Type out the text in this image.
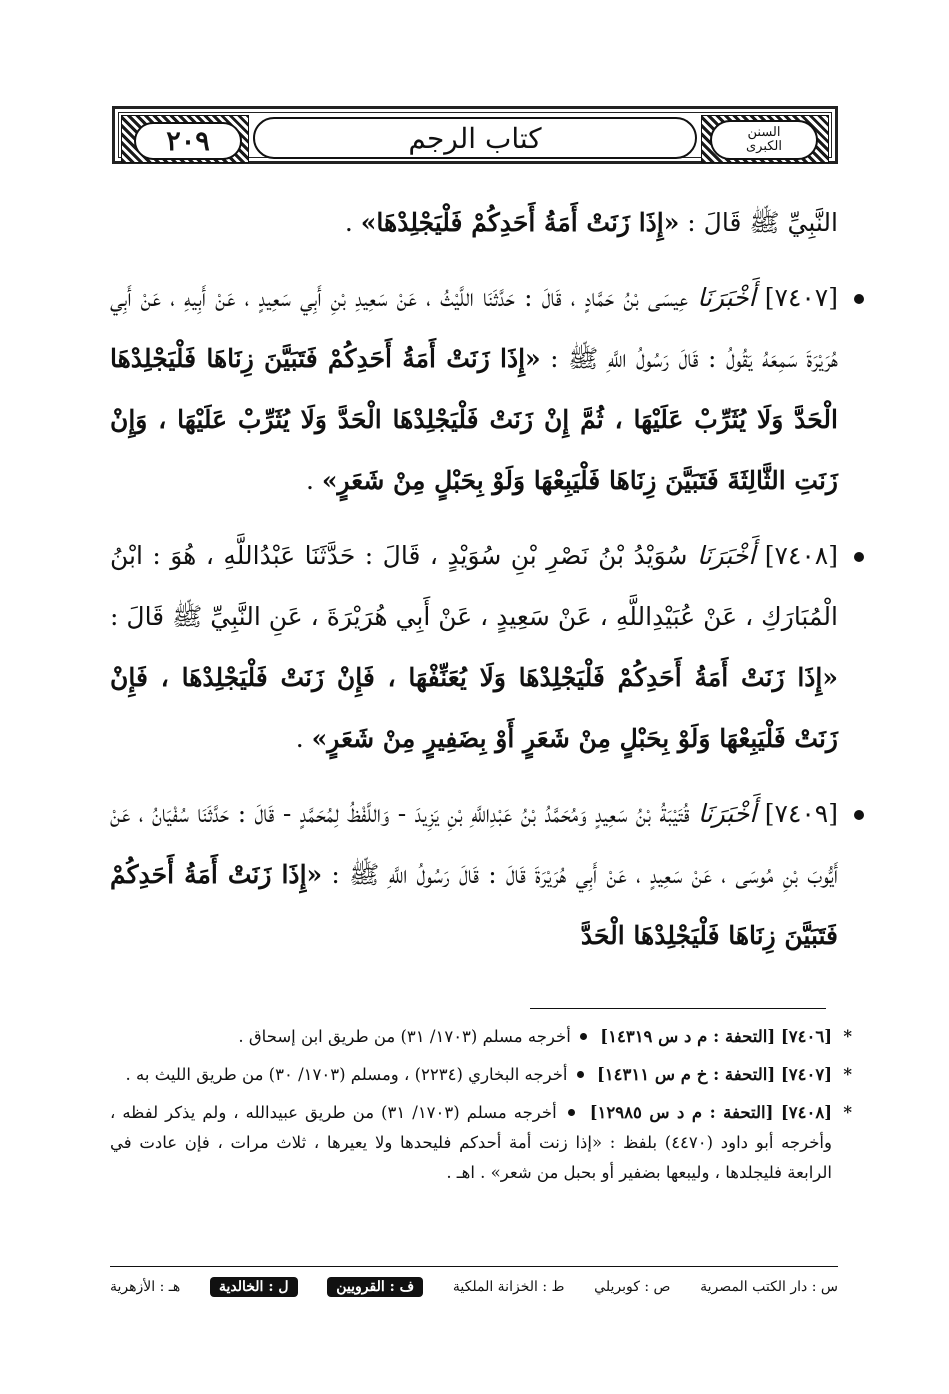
٢٠٩	كتاب الرجم	السنن
الكبرى

النَّبِيِّ ﷺ قَالَ : «إِذَا زَنَتْ أَمَةُ أَحَدِكُمْ فَلْيَجْلِدْهَا» .

[٧٤٠٧] أَخْبَرَنَا عِيسَى بْنُ حَمَّادٍ ، قَالَ : حَدَّثَنَا اللَّيْثُ ، عَنْ سَعِيدِ بْنِ أَبِي سَعِيدٍ ، عَنْ أَبِيهِ ، عَنْ أَبِي هُرَيْرَةَ سَمِعَهُ يَقُولُ : قَالَ رَسُولُ اللَّهِ ﷺ : «إِذَا زَنَتْ أَمَةُ أَحَدِكُمْ فَتَبَيَّنَ زِنَاهَا فَلْيَجْلِدْهَا الْحَدَّ وَلَا يُثَرِّبْ عَلَيْهَا ، ثُمَّ إِنْ زَنَتْ فَلْيَجْلِدْهَا الْحَدَّ وَلَا يُثَرِّبْ عَلَيْهَا ، وَإِنْ زَنَتِ الثَّالِثَةَ فَتَبَيَّنَ زِنَاهَا فَلْيَبِعْهَا وَلَوْ بِحَبْلٍ مِنْ شَعَرٍ» .

[٧٤٠٨] أَخْبَرَنَا سُوَيْدُ بْنُ نَصْرِ بْنِ سُوَيْدٍ ، قَالَ : حَدَّثَنَا عَبْدُاللَّهِ ، هُوَ : ابْنُ الْمُبَارَكِ ، عَنْ عُبَيْدِاللَّهِ ، عَنْ سَعِيدٍ ، عَنْ أَبِي هُرَيْرَةَ ، عَنِ النَّبِيِّ ﷺ قَالَ : «إِذَا زَنَتْ أَمَةُ أَحَدِكُمْ فَلْيَجْلِدْهَا وَلَا يُعَنِّفْهَا ، فَإِنْ زَنَتْ فَلْيَجْلِدْهَا ، فَإِنْ زَنَتْ فَلْيَبِعْهَا وَلَوْ بِحَبْلٍ مِنْ شَعَرٍ أَوْ بِضَفِيرٍ مِنْ شَعَرٍ» .

[٧٤٠٩] أَخْبَرَنَا قُتَيْبَةُ بْنُ سَعِيدٍ وَمُحَمَّدُ بْنُ عَبْدِاللَّهِ بْنِ يَزِيدَ - وَاللَّفْظُ لِمُحَمَّدٍ - قَالَ : حَدَّثَنَا سُفْيَانُ ، عَنْ أَيُّوبَ بْنِ مُوسَى ، عَنْ سَعِيدٍ ، عَنْ أَبِي هُرَيْرَةَ قَالَ : قَالَ رَسُولُ اللَّهِ ﷺ : «إِذَا زَنَتْ أَمَةُ أَحَدِكُمْ فَتَبَيَّنَ زِنَاهَا فَلْيَجْلِدْهَا الْحَدَّ

*
[٧٤٠٦] [التحفة : م د س ١٤٣١٩]  أخرجه مسلم (١٧٠٣/ ٣١) من طريق ابن إسحاق .

*
[٧٤٠٧] [التحفة : خ م س ١٤٣١١]  أخرجه البخاري (٢٢٣٤) ، ومسلم (١٧٠٣/ ٣٠) من طريق الليث به .

*
[٧٤٠٨] [التحفة : م د س ١٢٩٨٥]  أخرجه مسلم (١٧٠٣/ ٣١) من طريق عبيدالله ، ولم يذكر لفظه ، وأخرجه أبو داود (٤٤٧٠) بلفظ : «إذا زنت أمة أحدكم فليحدها ولا يعيرها ، ثلاث مرات ، فإن عادت في الرابعة فليجلدها ، وليبعها بضفير أو بحبل من شعر» . اهـ .

س : دار الكتب المصرية
ص : كوبريلي
ط : الخزانة الملكية
ف : القرويين
ل : الخالدية
هـ : الأزهرية
